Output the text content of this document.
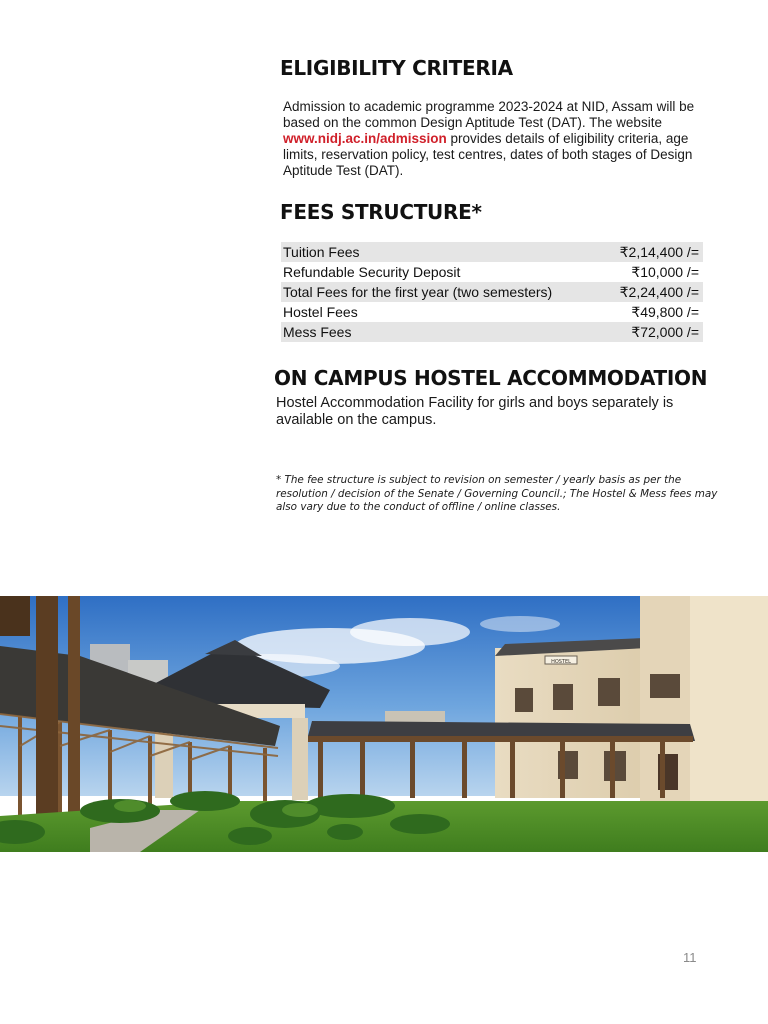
ELIGIBILITY CRITERIA

Admission to academic programme 2023-2024 at NID, Assam will be based on the common Design Aptitude Test (DAT). The website www.nidj.ac.in/admission provides details of eligibility criteria, age limits, reservation policy, test centres, dates of both stages of Design Aptitude Test (DAT).

FEES STRUCTURE*
Tuition Fees	₹2,14,400 /=
Refundable Security Deposit	₹10,000 /=
Total Fees for the first year (two semesters)	₹2,24,400 /=
Hostel Fees	₹49,800 /=
Mess Fees	₹72,000 /=
ON CAMPUS HOSTEL ACCOMMODATION

Hostel Accommodation Facility for girls and boys separately is available on the campus.

* The fee structure is subject to revision on semester / yearly basis as per the resolution / decision of the Senate / Governing Council.; The Hostel & Mess fees may also vary due to the conduct of offline / online classes.

HOSTEL
11
